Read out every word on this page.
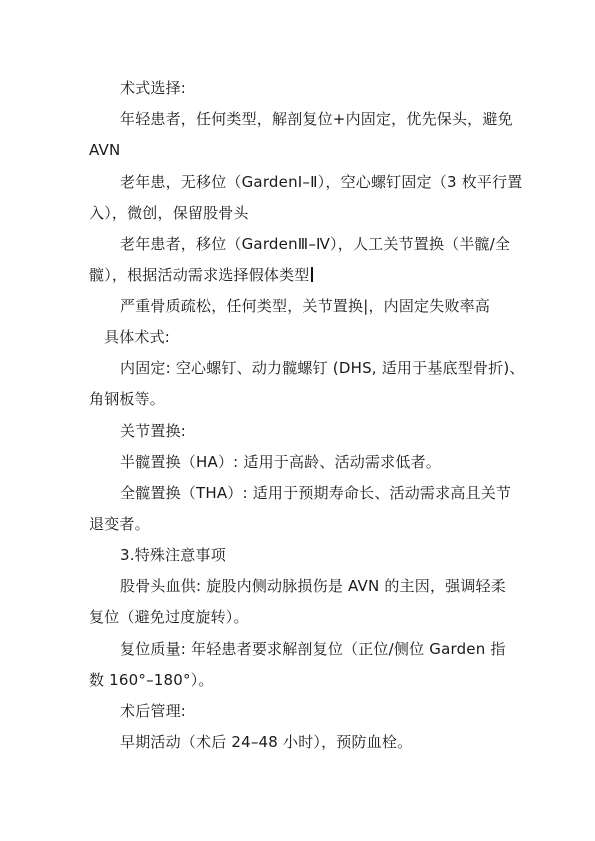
术式选择:
年轻患者，任何类型，解剖复位+内固定，优先保头，避免
AVN
老年患，无移位（GardenⅠ–Ⅱ），空心螺钉固定（3 枚平行置
入），微创，保留股骨头
老年患者，移位（GardenⅢ–Ⅳ），人工关节置换（半髋/全
髋），根据活动需求选择假体类型
严重骨质疏松，任何类型，关节置换|，内固定失败率高
具体术式:
内固定: 空心螺钉、动力髋螺钉 (DHS, 适用于基底型骨折)、
角钢板等。
关节置换:
半髋置换（HA）: 适用于高龄、活动需求低者。
全髋置换（THA）: 适用于预期寿命长、活动需求高且关节
退变者。
3.特殊注意事项
股骨头血供: 旋股内侧动脉损伤是 AVN 的主因，强调轻柔
复位（避免过度旋转）。
复位质量: 年轻患者要求解剖复位（正位/侧位 Garden 指
数 160°–180°）。
术后管理:
早期活动（术后 24–48 小时），预防血栓。
